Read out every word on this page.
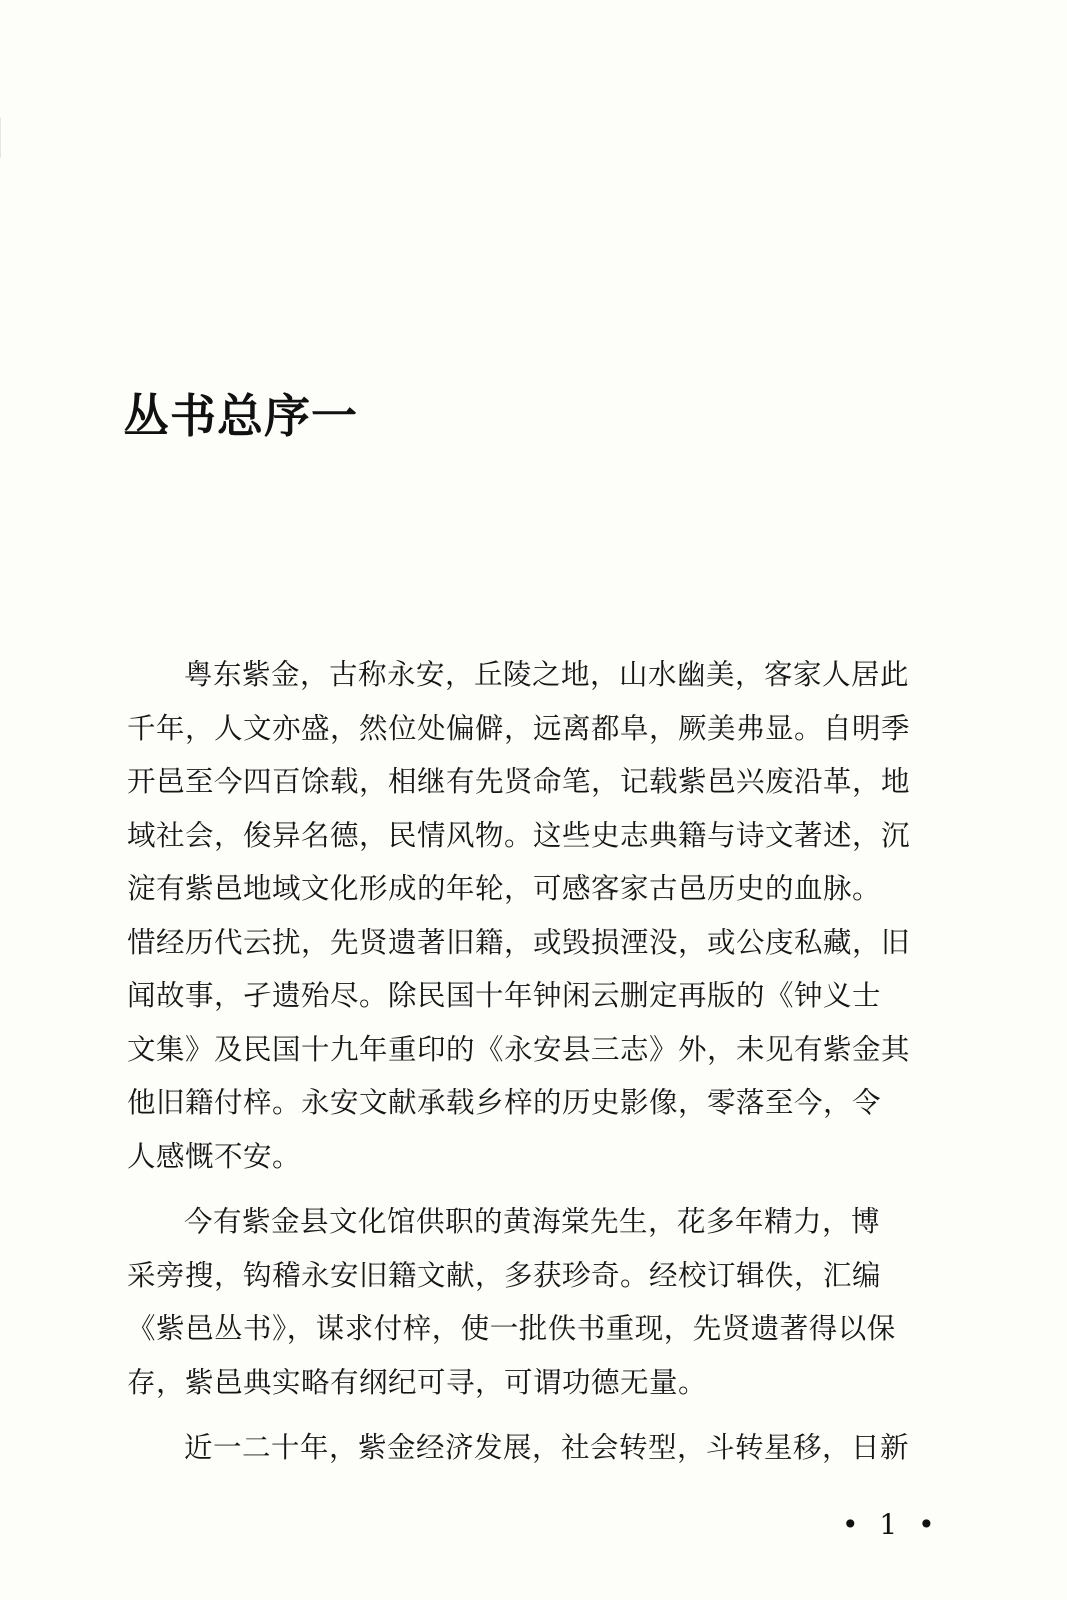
丛书总序一

粤东紫金，古称永安，丘陵之地，山水幽美，客家人居此
千年，人文亦盛，然位处偏僻，远离都阜，厥美弗显。自明季
开邑至今四百馀载，相继有先贤命笔，记载紫邑兴废沿革，地
域社会，俊异名德，民情风物。这些史志典籍与诗文著述，沉
淀有紫邑地域文化形成的年轮，可感客家古邑历史的血脉。
惜经历代云扰，先贤遗著旧籍，或毁损湮没，或公庋私藏，旧
闻故事，孑遗殆尽。除民国十年钟闲云删定再版的《钟义士
文集》及民国十九年重印的《永安县三志》外，未见有紫金其
他旧籍付梓。永安文献承载乡梓的历史影像，零落至今，令
人感慨不安。

今有紫金县文化馆供职的黄海棠先生，花多年精力，博
采旁搜，钩稽永安旧籍文献，多获珍奇。经校订辑佚，汇编
《紫邑丛书》，谋求付梓，使一批佚书重现，先贤遗著得以保
存，紫邑典实略有纲纪可寻，可谓功德无量。

近一二十年，紫金经济发展，社会转型，斗转星移，日新

• 1 •
